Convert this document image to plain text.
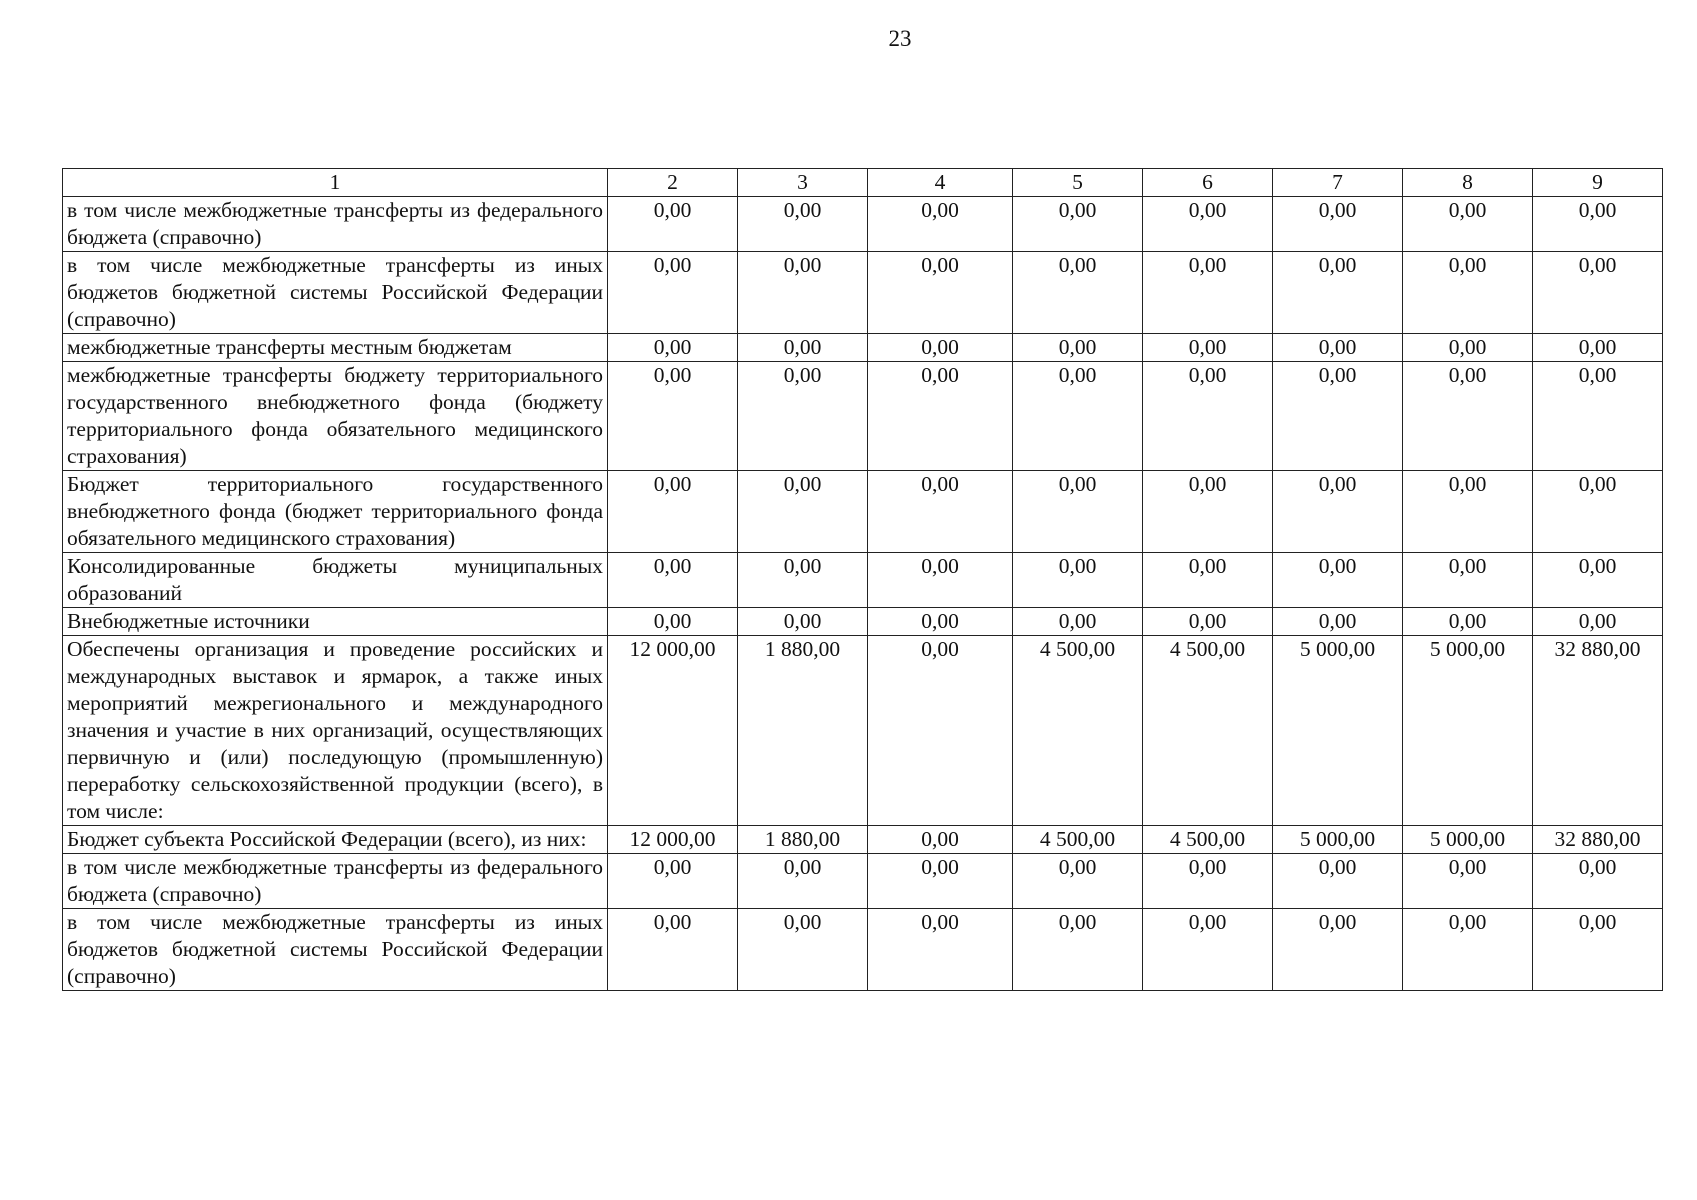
23
1	2	3	4	5	6	7	8	9
в том числе межбюджетные трансферты из федерального бюджета (справочно)	0,00	0,00	0,00	0,00	0,00	0,00	0,00	0,00
в том числе межбюджетные трансферты из иных бюджетов бюджетной системы Российской Федерации (справочно)	0,00	0,00	0,00	0,00	0,00	0,00	0,00	0,00
межбюджетные трансферты местным бюджетам	0,00	0,00	0,00	0,00	0,00	0,00	0,00	0,00
межбюджетные трансферты бюджету территориального государственного внебюджетного фонда (бюджету территориального фонда обязательного медицинского страхования)	0,00	0,00	0,00	0,00	0,00	0,00	0,00	0,00
Бюджет территориального государственного внебюджетного фонда (бюджет территориального фонда обязательного медицинского страхования)	0,00	0,00	0,00	0,00	0,00	0,00	0,00	0,00
Консолидированные бюджеты муниципальных образований	0,00	0,00	0,00	0,00	0,00	0,00	0,00	0,00
Внебюджетные источники	0,00	0,00	0,00	0,00	0,00	0,00	0,00	0,00
Обеспечены организация и проведение российских и международных выставок и ярмарок, а также иных мероприятий межрегионального и международного значения и участие в них организаций, осуществляющих первичную и (или) последующую (промышленную) переработку сельскохозяйственной продукции (всего), в том числе:	12 000,00	1 880,00	0,00	4 500,00	4 500,00	5 000,00	5 000,00	32 880,00
Бюджет субъекта Российской Федерации (всего), из них:	12 000,00	1 880,00	0,00	4 500,00	4 500,00	5 000,00	5 000,00	32 880,00
в том числе межбюджетные трансферты из федерального бюджета (справочно)	0,00	0,00	0,00	0,00	0,00	0,00	0,00	0,00
в том числе межбюджетные трансферты из иных бюджетов бюджетной системы Российской Федерации (справочно)	0,00	0,00	0,00	0,00	0,00	0,00	0,00	0,00
